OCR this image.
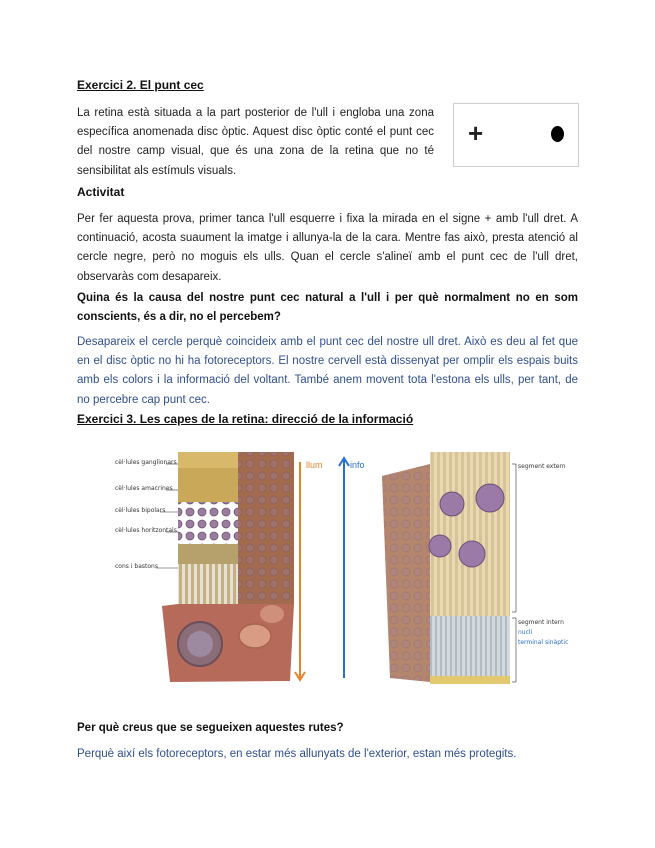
Exercici 2. El punt cec

La retina està situada a la part posterior de l'ull i engloba una zona específica anomenada disc òptic. Aquest disc òptic conté el punt cec del nostre camp visual, que és una zona de la retina que no té sensibilitat als estímuls visuals.

+
Activitat

Per fer aquesta prova, primer tanca l'ull esquerre i fixa la mirada en el signe + amb l'ull dret. A continuació, acosta suaument la imatge i allunya-la de la cara. Mentre fas això, presta atenció al cercle negre, però no moguis els ulls. Quan el cercle s'alineï amb el punt cec de l'ull dret, observaràs com desapareix.

Quina és la causa del nostre punt cec natural a l'ull i per què normalment no en som conscients, és a dir, no el percebem?

Desapareix el cercle perquè coincideix amb el punt cec del nostre ull dret. Això es deu al fet que en el disc òptic no hi ha fotoreceptors. El nostre cervell està dissenyat per omplir els espais buits amb els colors i la informació del voltant. També anem movent tota l'estona els ulls, per tant, de no percebre cap punt cec.

Exercici 3. Les capes de la retina: direcció de la informació
cèl·lules ganglionars
cèl·lules amacrines
cèl·lules bipolars
cèl·lules horitzontals
cons i bastons
llum	info	segment extern
segment intern
nucli
terminal sinàptic

Per què creus que se segueixen aquestes rutes?

Perquè així els fotoreceptors, en estar més allunyats de l'exterior, estan més protegits.
